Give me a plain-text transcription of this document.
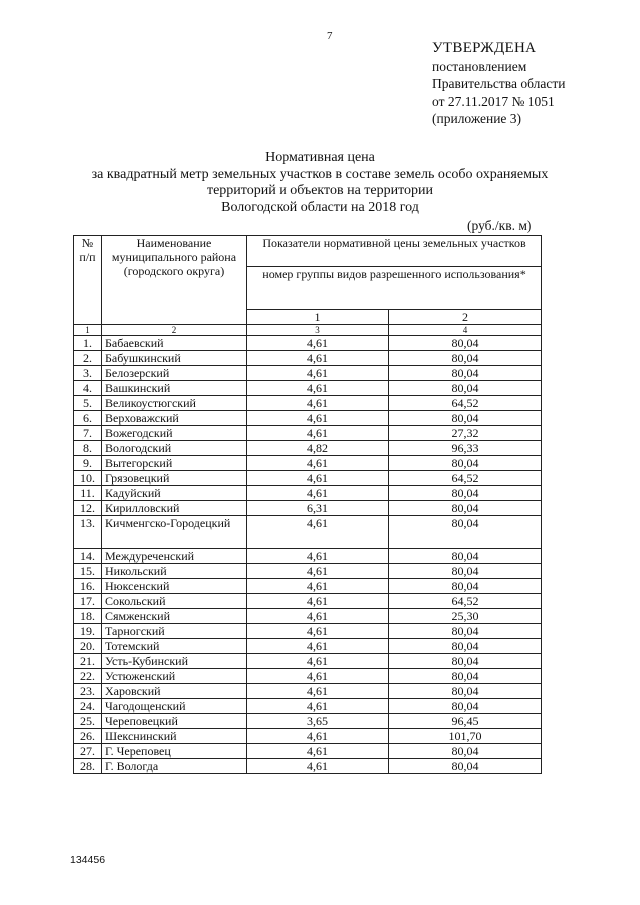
7
УТВЕРЖДЕНА
постановлением
Правительства области
от 27.11.2017 № 1051
(приложение 3)
Нормативная цена
за квадратный метр земельных участков в составе земель особо охраняемых
территорий и объектов на территории
Вологодской области на 2018 год
(руб./кв. м)
№ п/п	Наименование муниципального района (городского округа)	Показатели нормативной цены земельных участков	
		номер группы видов разрешенного использования*	
		1	2
1	2	3	4
1.	Бабаевский	4,61	80,04
2.	Бабушкинский	4,61	80,04
3.	Белозерский	4,61	80,04
4.	Вашкинский	4,61	80,04
5.	Великоустюгский	4,61	64,52
6.	Верховажский	4,61	80,04
7.	Вожегодский	4,61	27,32
8.	Вологодский	4,82	96,33
9.	Вытегорский	4,61	80,04
10.	Грязовецкий	4,61	64,52
11.	Кадуйский	4,61	80,04
12.	Кирилловский	6,31	80,04
13.	Кичменгско-Городецкий	4,61	80,04
14.	Междуреченский	4,61	80,04
15.	Никольский	4,61	80,04
16.	Нюксенский	4,61	80,04
17.	Сокольский	4,61	64,52
18.	Сямженский	4,61	25,30
19.	Тарногский	4,61	80,04
20.	Тотемский	4,61	80,04
21.	Усть-Кубинский	4,61	80,04
22.	Устюженский	4,61	80,04
23.	Харовский	4,61	80,04
24.	Чагодощенский	4,61	80,04
25.	Череповецкий	3,65	96,45
26.	Шекснинский	4,61	101,70
27.	Г. Череповец	4,61	80,04
28.	Г. Вологда	4,61	80,04
134456
